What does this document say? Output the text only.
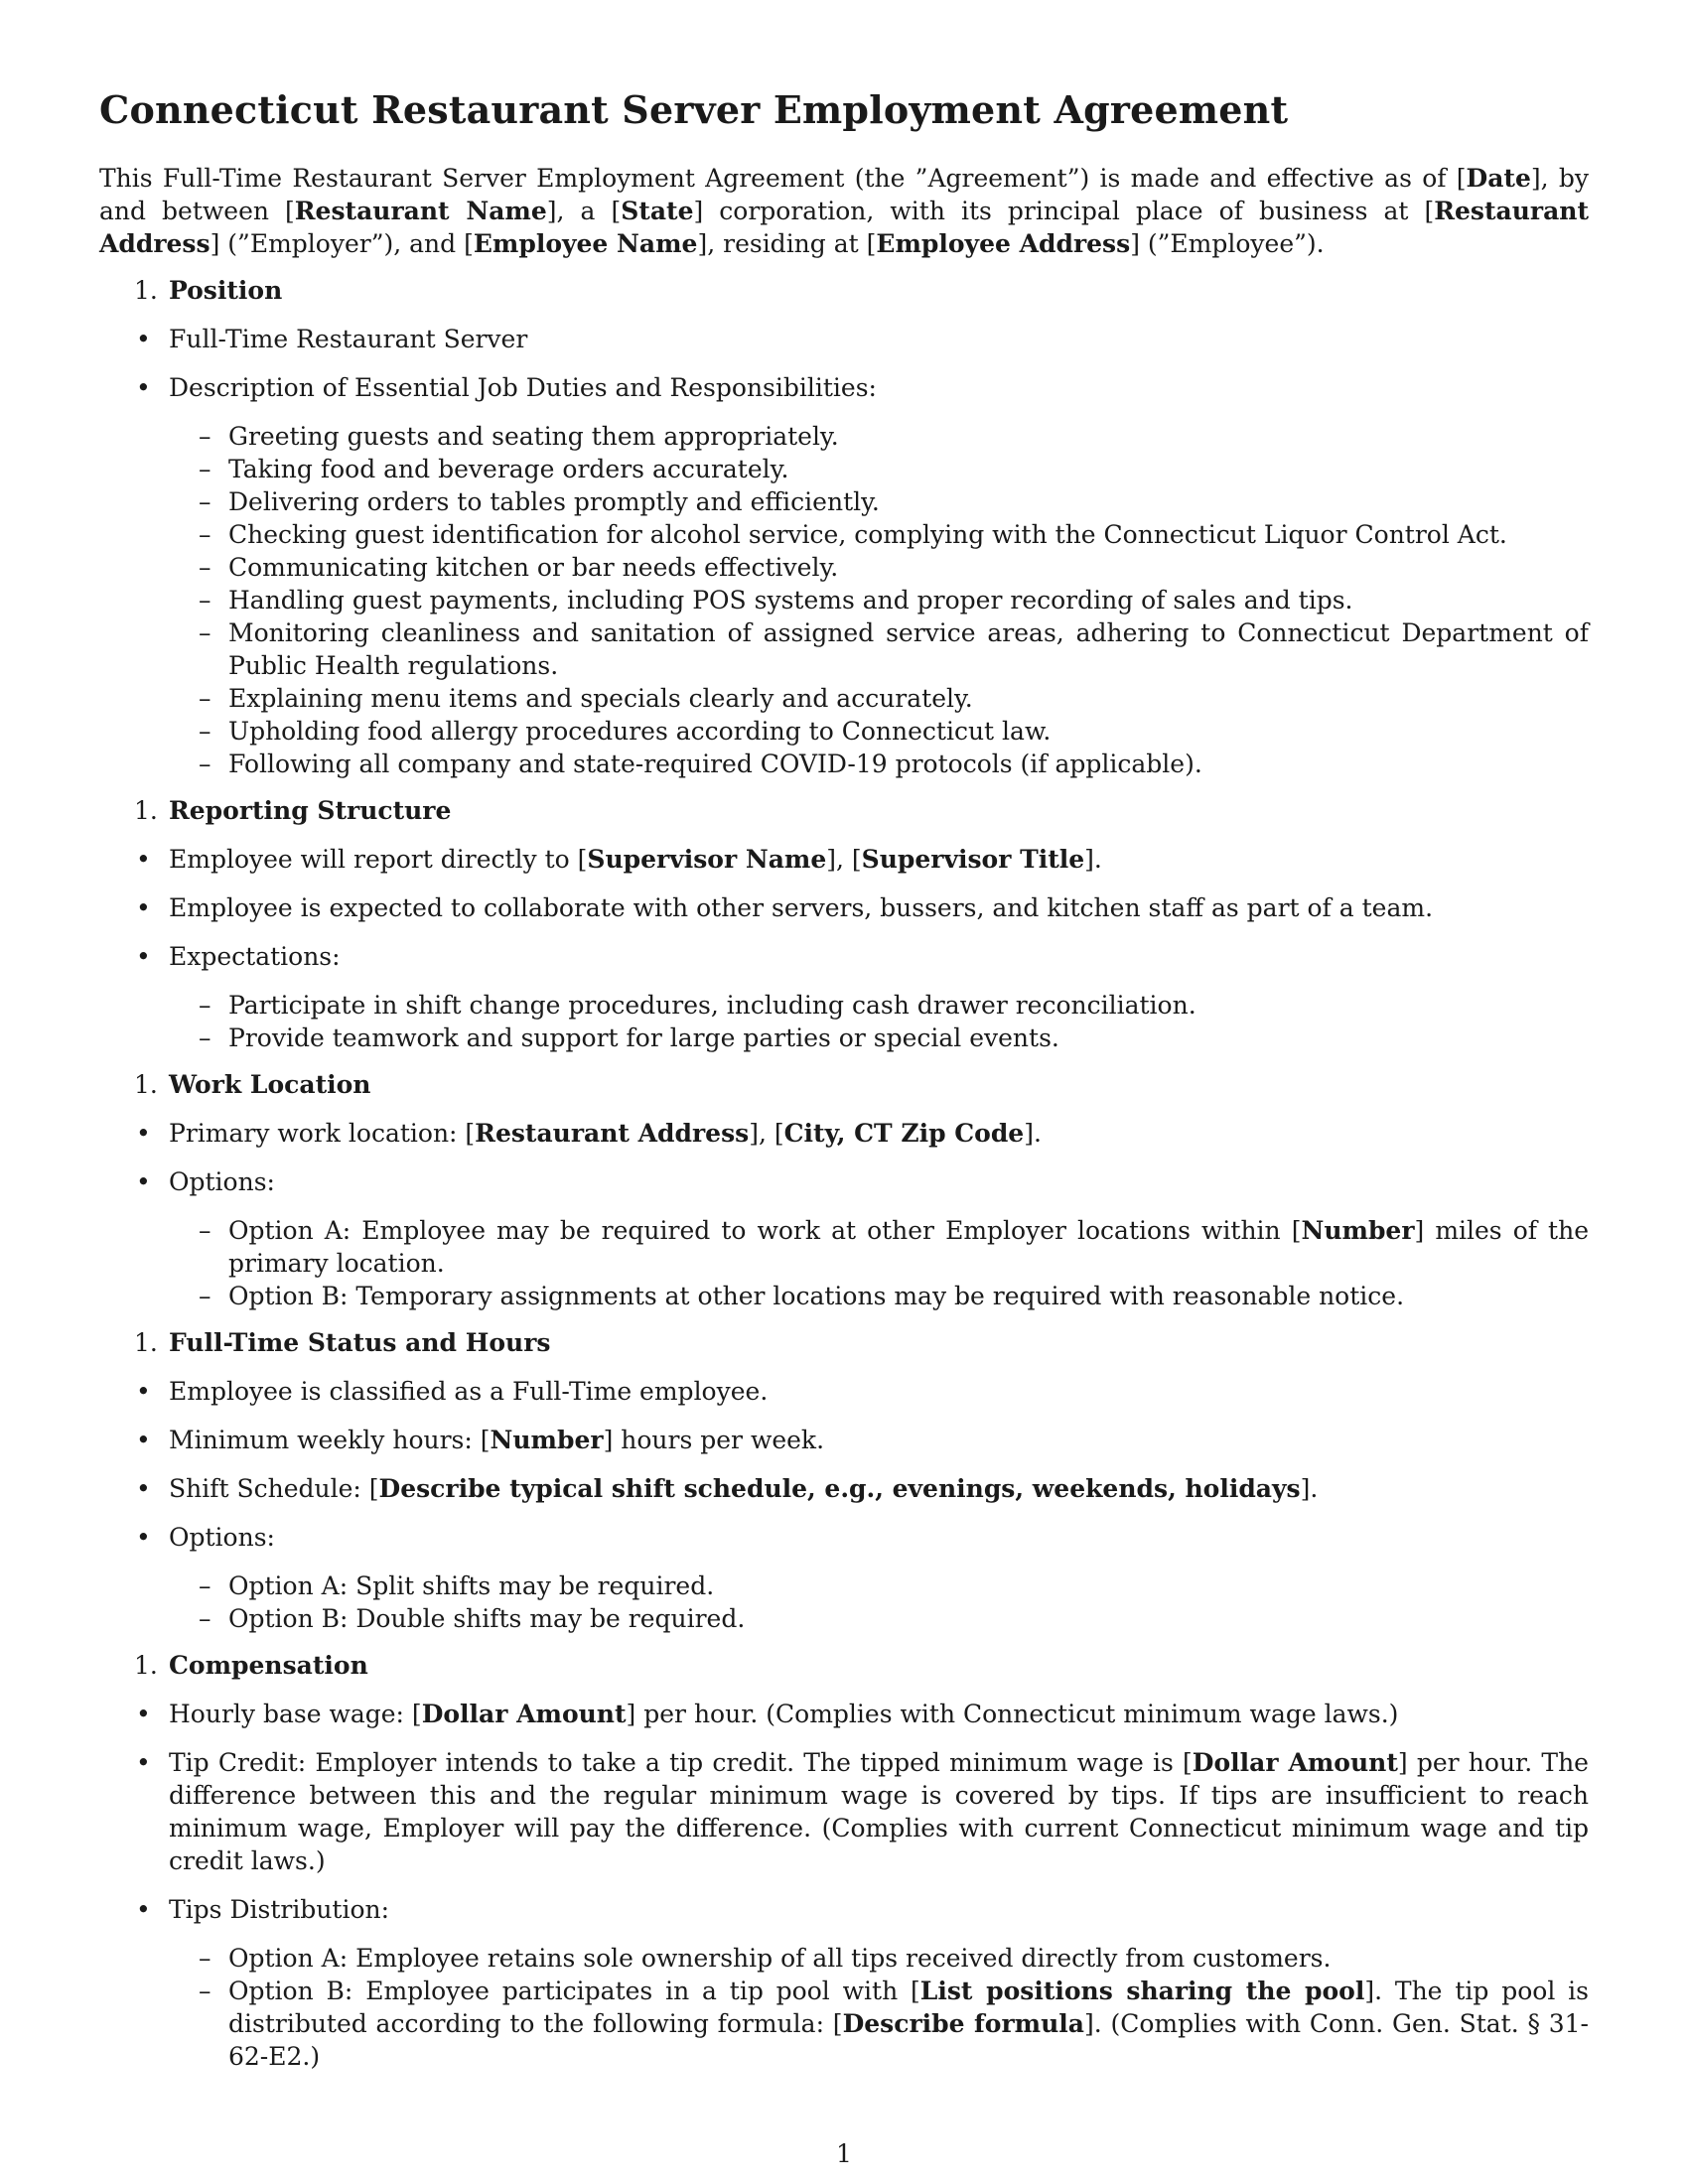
Connecticut Restaurant Server Employment Agreement

This Full-Time Restaurant Server Employment Agreement (the ”Agreement”) is made and effective as of [Date], by and between [Restaurant Name], a [State] corporation, with its principal place of business at [Restaurant Address] (”Employer”), and [Employee Name], residing at [Employee Address] (”Employee”).

1. Position
• Full-Time Restaurant Server
• Description of Essential Job Duties and Responsibilities:
– Greeting guests and seating them appropriately.
– Taking food and beverage orders accurately.
– Delivering orders to tables promptly and efficiently.
– Checking guest identification for alcohol service, complying with the Connecticut Liquor Control Act.
– Communicating kitchen or bar needs effectively.
– Handling guest payments, including POS systems and proper recording of sales and tips.
– Monitoring cleanliness and sanitation of assigned service areas, adhering to Connecticut Department of Public Health regulations.
– Explaining menu items and specials clearly and accurately.
– Upholding food allergy procedures according to Connecticut law.
– Following all company and state-required COVID-19 protocols (if applicable).
1. Reporting Structure
• Employee will report directly to [Supervisor Name], [Supervisor Title].
• Employee is expected to collaborate with other servers, bussers, and kitchen staff as part of a team.
• Expectations:
– Participate in shift change procedures, including cash drawer reconciliation.
– Provide teamwork and support for large parties or special events.
1. Work Location
• Primary work location: [Restaurant Address], [City, CT Zip Code].
• Options:
– Option A: Employee may be required to work at other Employer locations within [Number] miles of the primary location.
– Option B: Temporary assignments at other locations may be required with reasonable notice.
1. Full-Time Status and Hours
• Employee is classified as a Full-Time employee.
• Minimum weekly hours: [Number] hours per week.
• Shift Schedule: [Describe typical shift schedule, e.g., evenings, weekends, holidays].
• Options:
– Option A: Split shifts may be required.
– Option B: Double shifts may be required.
1. Compensation
• Hourly base wage: [Dollar Amount] per hour. (Complies with Connecticut minimum wage laws.)
• Tip Credit: Employer intends to take a tip credit. The tipped minimum wage is [Dollar Amount] per hour. The difference between this and the regular minimum wage is covered by tips. If tips are insufficient to reach minimum wage, Employer will pay the difference. (Complies with current Connecticut minimum wage and tip credit laws.)
• Tips Distribution:
– Option A: Employee retains sole ownership of all tips received directly from customers.
– Option B: Employee participates in a tip pool with [List positions sharing the pool]. The tip pool is distributed according to the following formula: [Describe formula]. (Complies with Conn. Gen. Stat. § 31-62-E2.)
1
